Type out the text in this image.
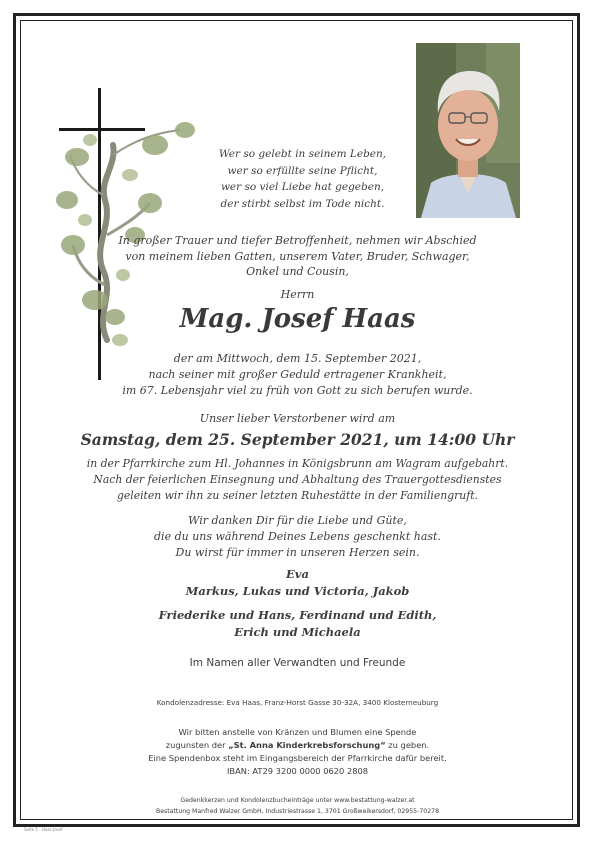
Wer so gelebt in seinem Leben,
wer so erfüllte seine Pflicht,
wer so viel Liebe hat gegeben,
der stirbt selbst im Tode nicht.
In großer Trauer und tiefer Betroffenheit, nehmen wir Abschied
von meinem lieben Gatten, unserem Vater, Bruder, Schwager,
Onkel und Cousin,
Herrn
Mag. Josef Haas
der am Mittwoch, dem 15. September 2021,
nach seiner mit großer Geduld ertragener Krankheit,
im 67. Lebensjahr viel zu früh von Gott zu sich berufen wurde.
Unser lieber Verstorbener wird am
Samstag, dem 25. September 2021, um 14:00 Uhr
in der Pfarrkirche zum Hl. Johannes in Königsbrunn am Wagram aufgebahrt.
Nach der feierlichen Einsegnung und Abhaltung des Trauergottesdienstes
geleiten wir ihn zu seiner letzten Ruhestätte in der Familiengruft.
Wir danken Dir für die Liebe und Güte,
die du uns während Deines Lebens geschenkt hast.
Du wirst für immer in unseren Herzen sein.
Eva
Markus, Lukas und Victoria, Jakob
Friederike und Hans, Ferdinand und Edith,
Erich und Michaela
Im Namen aller Verwandten und Freunde
Kondolenzadresse: Eva Haas, Franz-Horst Gasse 30-32A, 3400 Klosterneuburg
Wir bitten anstelle von Kränzen und Blumen eine Spende
zugunsten der „St. Anna Kinderkrebsforschung“ zu geben.
Eine Spendenbox steht im Eingangsbereich der Pfarrkirche dafür bereit.
IBAN: AT29 3200 0000 0620 2808
Gedenkkerzen und Kondolenzbucheinträge unter www.bestattung-walzer.at
Bestattung Manfred Walzer GmbH, Industriestrasse 1, 3701 Großweikersdorf, 02955-70278
Seite 1 · Haas Josef
